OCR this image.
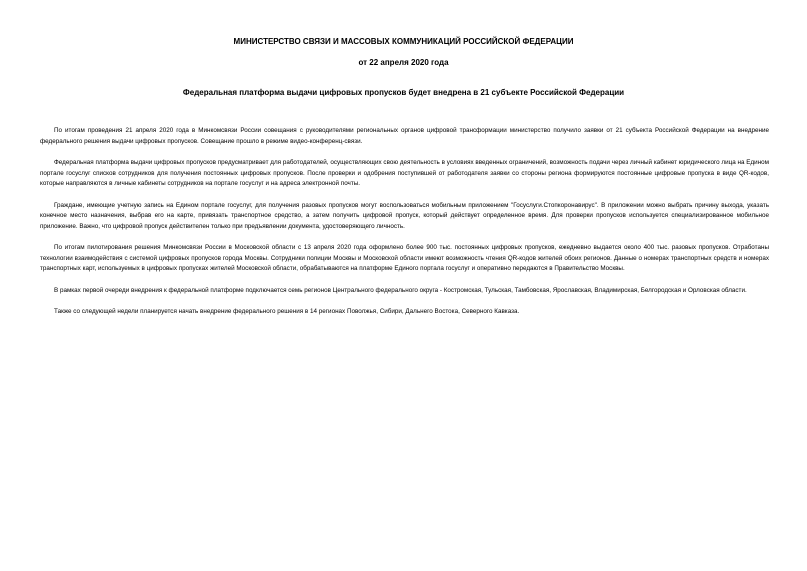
МИНИСТЕРСТВО СВЯЗИ И МАССОВЫХ КОММУНИКАЦИЙ РОССИЙСКОЙ ФЕДЕРАЦИИ
от 22 апреля 2020 года
Федеральная платформа выдачи цифровых пропусков будет внедрена в 21 субъекте Российской Федерации

По итогам проведения 21 апреля 2020 года в Минкомсвязи России совещания с руководителями региональных органов цифровой трансформации министерство получило заявки от 21 субъекта Российской Федерации на внедрение федерального решения выдачи цифровых пропусков. Совещание прошло в режиме видео-конференц-связи.

Федеральная платформа выдачи цифровых пропусков предусматривает для работодателей, осуществляющих свою деятельность в условиях введенных ограничений, возможность подачи через личный кабинет юридического лица на Едином портале госуслуг списков сотрудников для получения постоянных цифровых пропусков. После проверки и одобрения поступившей от работодателя заявки со стороны региона формируются постоянные цифровые пропуска в виде QR-кодов, которые направляются в личные кабинеты сотрудников на портале госуслуг и на адреса электронной почты.

Граждане, имеющие учетную запись на Едином портале госуслуг, для получения разовых пропусков могут воспользоваться мобильным приложением "Госуслуги.Стопкоронавирус". В приложении можно выбрать причину выхода, указать конечное место назначения, выбрав его на карте, привязать транспортное средство, а затем получить цифровой пропуск, который действует определенное время. Для проверки пропусков используется специализированное мобильное приложение. Важно, что цифровой пропуск действителен только при предъявлении документа, удостоверяющего личность.

По итогам пилотирования решения Минкомсвязи России в Московской области с 13 апреля 2020 года оформлено более 900 тыс. постоянных цифровых пропусков, ежедневно выдается около 400 тыс. разовых пропусков. Отработаны технологии взаимодействия с системой цифровых пропусков города Москвы. Сотрудники полиции Москвы и Московской области имеют возможность чтения QR-кодов жителей обоих регионов. Данные о номерах транспортных средств и номерах транспортных карт, используемых в цифровых пропусках жителей Московской области, обрабатываются на платформе Единого портала госуслуг и оперативно передаются в Правительство Москвы.

В рамках первой очереди внедрения к федеральной платформе подключается семь регионов Центрального федерального округа - Костромская, Тульская, Тамбовская, Ярославская, Владимирская, Белгородская и Орловская области.

Также со следующей недели планируется начать внедрение федерального решения в 14 регионах Поволжья, Сибири, Дальнего Востока, Северного Кавказа.
